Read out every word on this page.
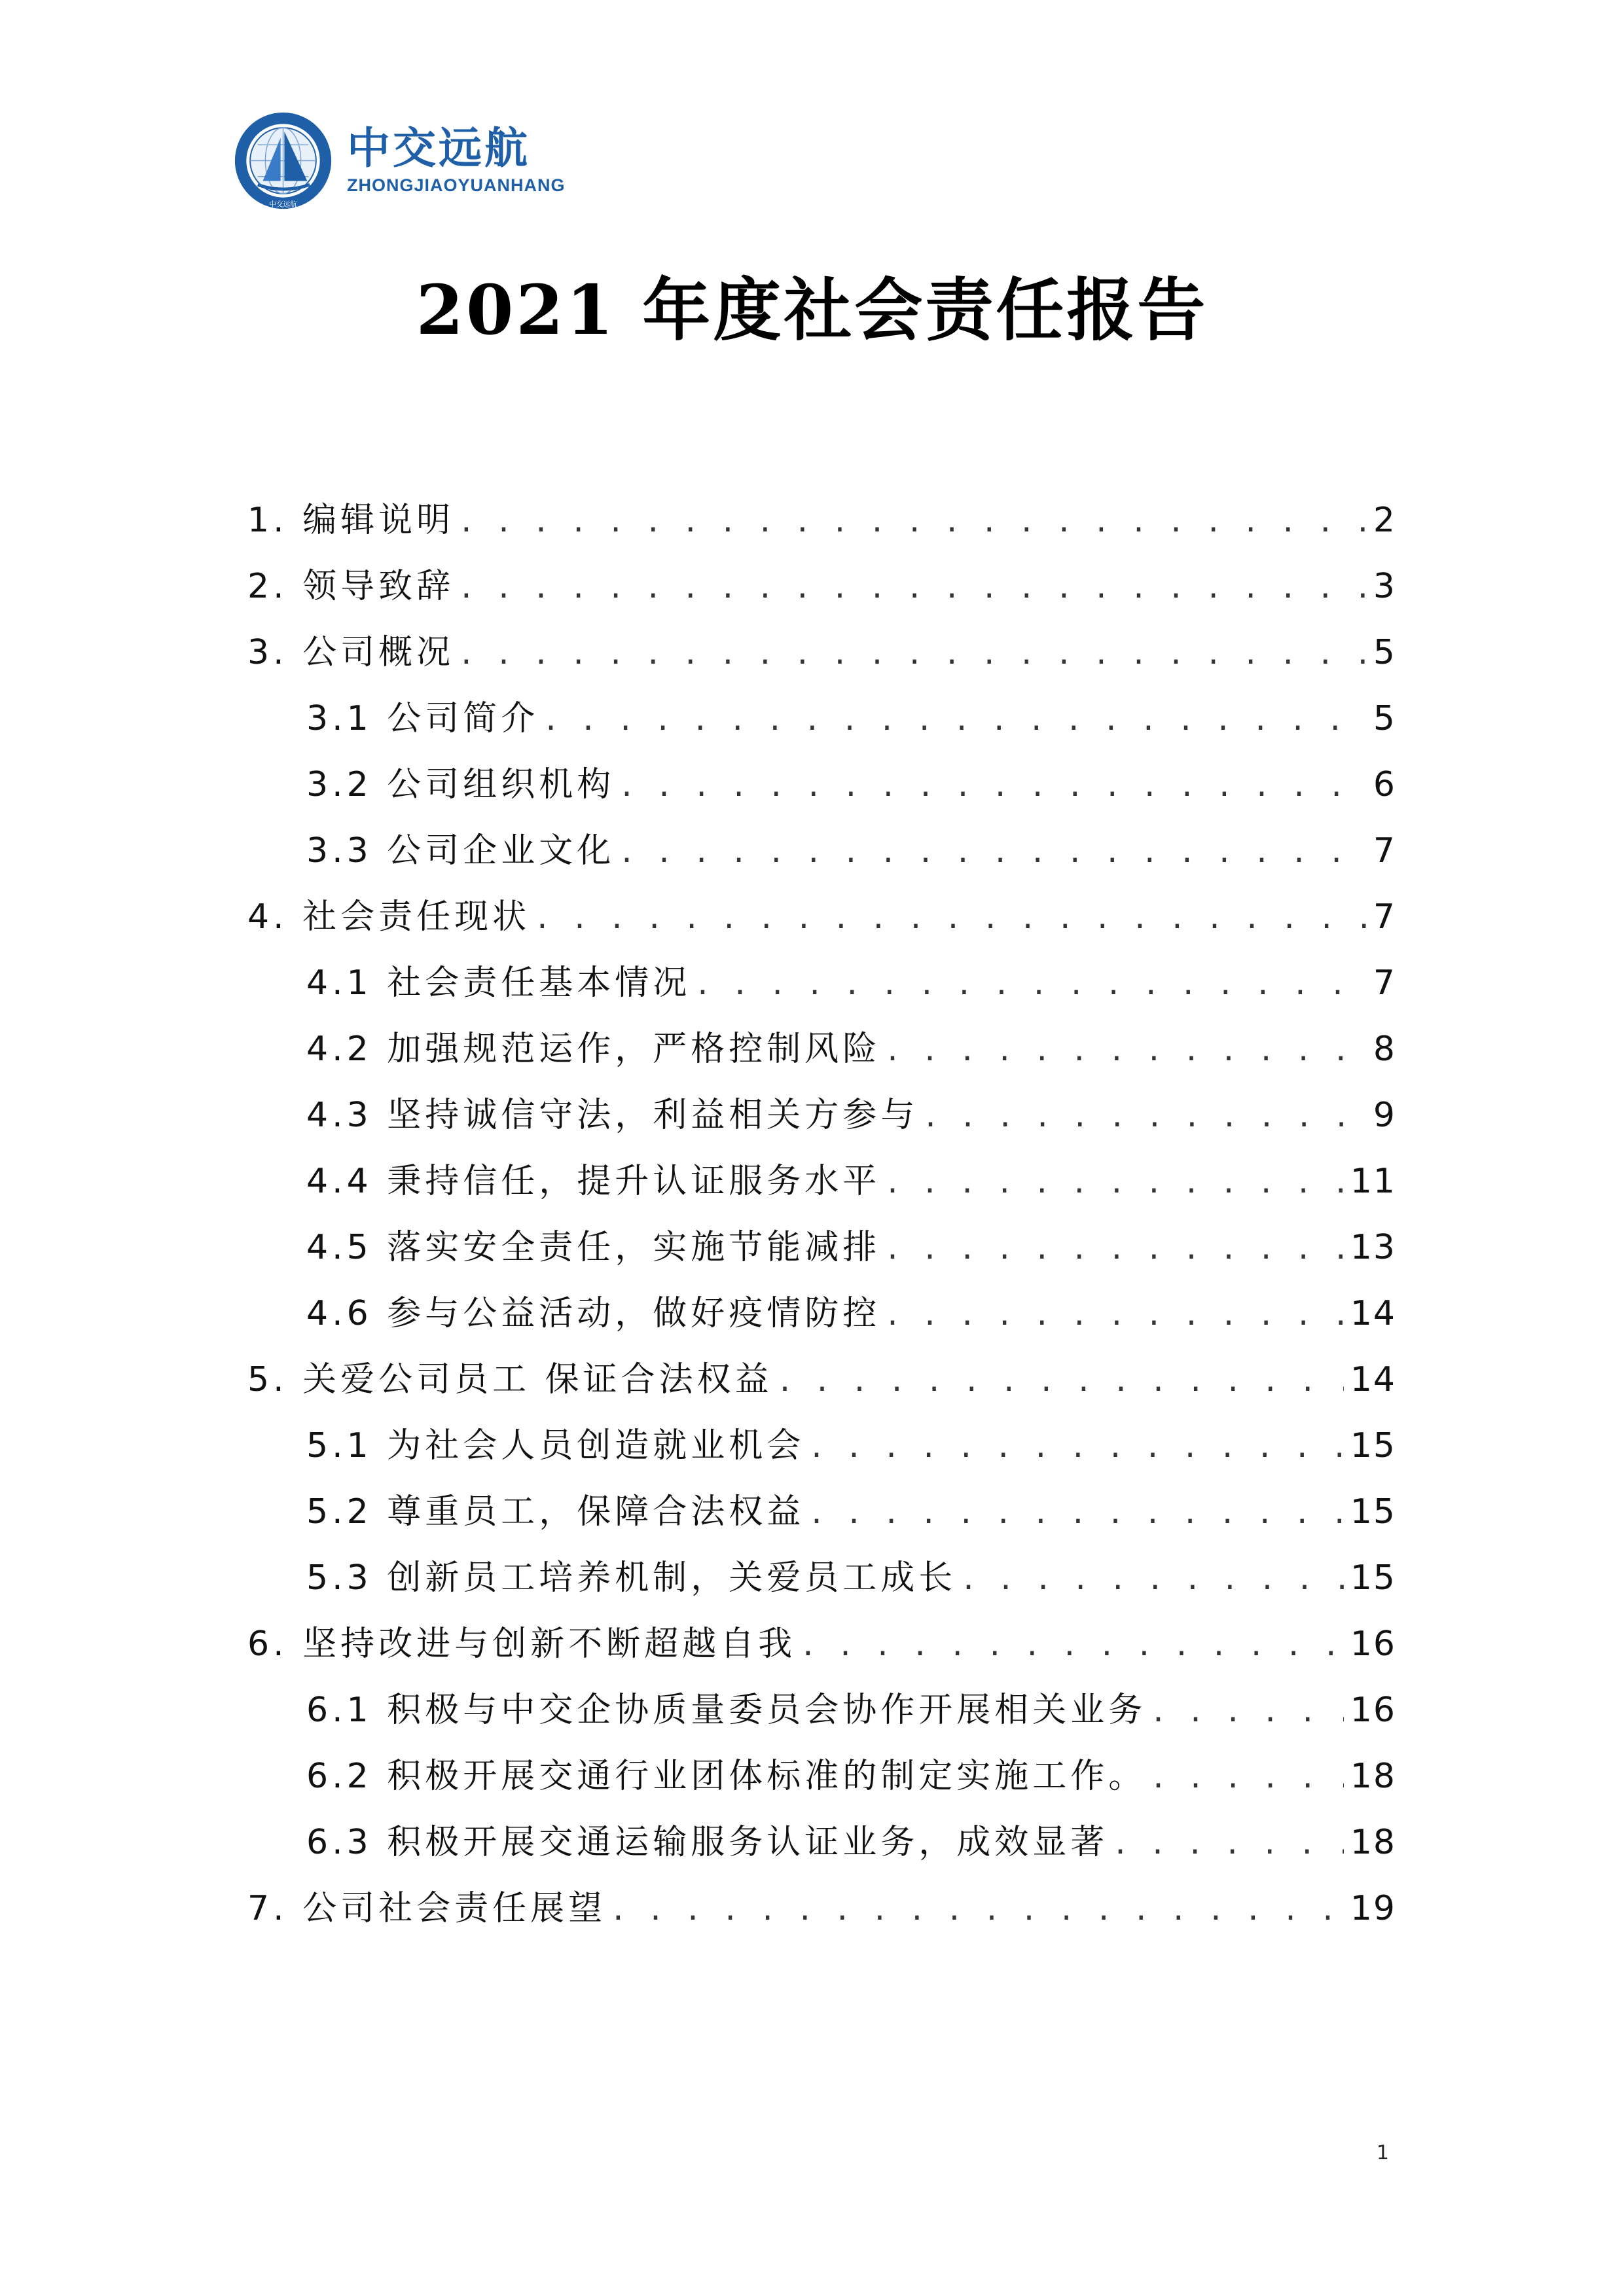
中交远航
中交远航
ZHONGJIAOYUANHANG
2021 年度社会责任报告
1. 编辑说明 . . .	2
2. 领导致辞 . . .	3
3. 公司概况 . . .	5
3.1 公司简介 . . .	5
3.2 公司组织机构 . . .	6
3.3 公司企业文化 . . .	7
4. 社会责任现状 . . .	7
4.1 社会责任基本情况 . . .	7
4.2 加强规范运作，严格控制风险 . . .	8
4.3 坚持诚信守法，利益相关方参与 . . .	9
4.4 秉持信任，提升认证服务水平 . . .	11
4.5 落实安全责任，实施节能减排 . . .	13
4.6 参与公益活动，做好疫情防控 . . .	14
5. 关爱公司员工 保证合法权益 . . .	14
5.1 为社会人员创造就业机会 . . .	15
5.2 尊重员工，保障合法权益 . . .	15
5.3 创新员工培养机制，关爱员工成长 . . .	15
6. 坚持改进与创新不断超越自我 . . .	16
6.1 积极与中交企协质量委员会协作开展相关业务 . . .	16
6.2 积极开展交通行业团体标准的制定实施工作。 . . .	18
6.3 积极开展交通运输服务认证业务，成效显著 . . .	18
7. 公司社会责任展望 . . .	19
1
